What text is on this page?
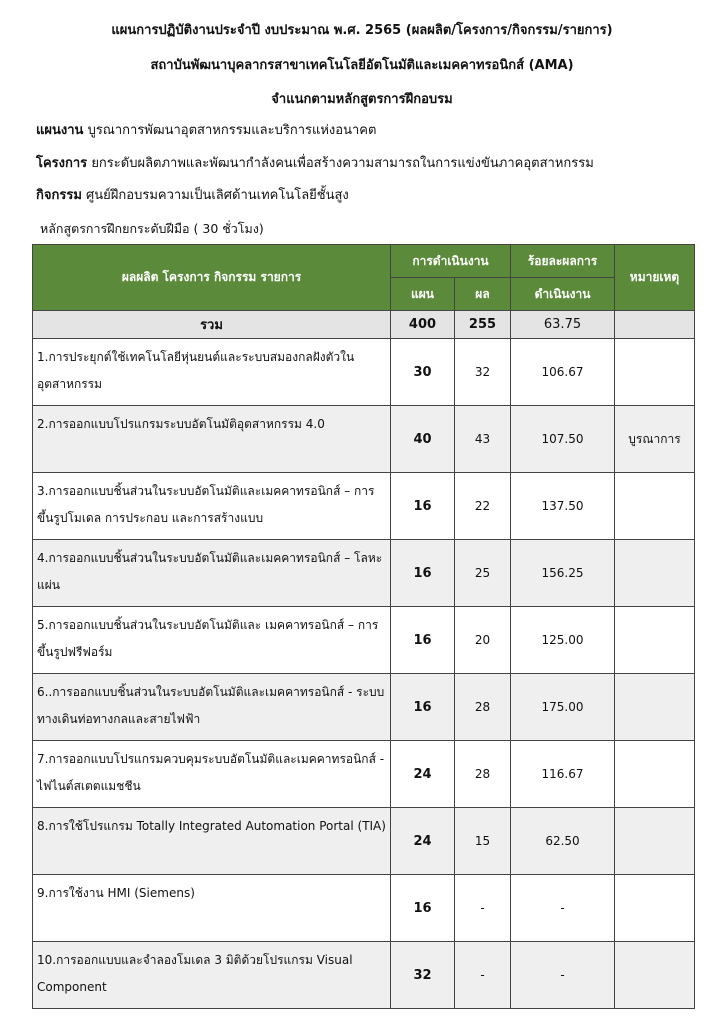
แผนการปฏิบัติงานประจำปี งบประมาณ พ.ศ. 2565 (ผลผลิต/โครงการ/กิจกรรม/รายการ)
สถาบันพัฒนาบุคลากรสาขาเทคโนโลยีอัตโนมัติและเมคคาทรอนิกส์ (AMA)
จำแนกตามหลักสูตรการฝึกอบรม
แผนงาน บูรณาการพัฒนาอุตสาหกรรมและบริการแห่งอนาคต
โครงการ ยกระดับผลิตภาพและพัฒนากำลังคนเพื่อสร้างความสามารถในการแข่งขันภาคอุตสาหกรรม
กิจกรรม ศูนย์ฝึกอบรมความเป็นเลิศด้านเทคโนโลยีชั้นสูง
หลักสูตรการฝึกยกระดับฝีมือ ( 30 ชั่วโมง)
ผลผลิต โครงการ กิจกรรม รายการ	การดำเนินงาน		ร้อยละผลการ	หมายเหตุ
	แผน	ผล	ดำเนินงาน	
รวม	400	255	63.75	
1.การประยุกต์ใช้เทคโนโลยีหุ่นยนต์และระบบสมองกลฝังตัวใน อุตสาหกรรม	30	32	106.67	
2.การออกแบบโปรแกรมระบบอัตโนมัติอุตสาหกรรม 4.0	40	43	107.50	บูรณาการ
3.การออกแบบชิ้นส่วนในระบบอัตโนมัติและเมคคาทรอนิกส์ – การ ขึ้นรูปโมเดล การประกอบ และการสร้างแบบ	16	22	137.50	
4.การออกแบบชิ้นส่วนในระบบอัตโนมัติและเมคคาทรอนิกส์ – โลหะ แผ่น	16	25	156.25	
5.การออกแบบชิ้นส่วนในระบบอัตโนมัติและ เมคคาทรอนิกส์ – การ ขึ้นรูปฟรีฟอร์ม	16	20	125.00	
6..การออกแบบชิ้นส่วนในระบบอัตโนมัติและเมคคาทรอนิกส์ - ระบบทางเดินท่อทางกลและสายไฟฟ้า	16	28	175.00	
7.การออกแบบโปรแกรมควบคุมระบบอัตโนมัติและเมคคาทรอนิกส์ - ไฟไนต์สเตตแมชชีน	24	28	116.67	
8.การใช้โปรแกรม Totally Integrated Automation Portal (TIA)	24	15	62.50	
9.การใช้งาน HMI (Siemens)	16	-	-	
10.การออกแบบและจำลองโมเดล 3 มิติด้วยโปรแกรม Visual Component	32	-	-	
